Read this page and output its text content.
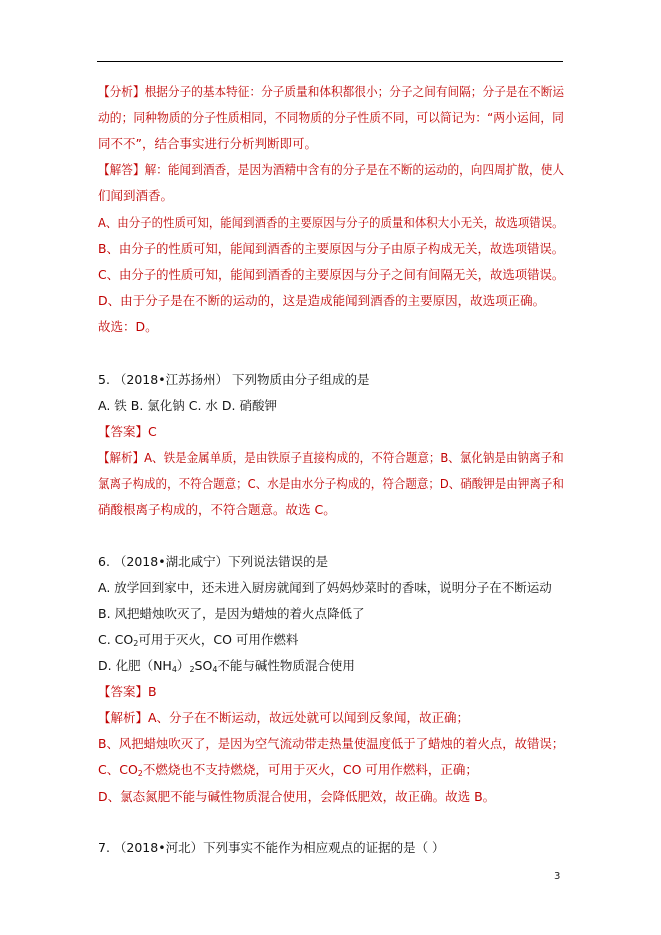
【分析】根据分子的基本特征：分子质量和体积都很小；分子之间有间隔；分子是在不断运
动的；同种物质的分子性质相同，不同物质的分子性质不同，可以简记为：“两小运间，同
同不不”，结合事实进行分析判断即可。
【解答】解：能闻到酒香，是因为酒精中含有的分子是在不断的运动的，向四周扩散，使人
们闻到酒香。
A、由分子的性质可知，能闻到酒香的主要原因与分子的质量和体积大小无关，故选项错误。
B、由分子的性质可知，能闻到酒香的主要原因与分子由原子构成无关，故选项错误。
C、由分子的性质可知，能闻到酒香的主要原因与分子之间有间隔无关，故选项错误。
D、由于分子是在不断的运动的，这是造成能闻到酒香的主要原因，故选项正确。
故选：D。
5. （2018•江苏扬州） 下列物质由分子组成的是
A. 铁 B. 氯化钠 C. 水 D. 硝酸钾
【答案】C
【解析】A、铁是金属单质，是由铁原子直接构成的，不符合题意；B、氯化钠是由钠离子和
氯离子构成的，不符合题意；C、水是由水分子构成的，符合题意；D、硝酸钾是由钾离子和
硝酸根离子构成的，不符合题意。故选 C。
6. （2018•湖北咸宁）下列说法错误的是
A. 放学回到家中，还未进入厨房就闻到了妈妈炒菜时的香味，说明分子在不断运动
B. 风把蜡烛吹灭了，是因为蜡烛的着火点降低了
C. $CO_2$可用于灭火，CO 可用作燃料
D. 化肥$(NH_4)_2SO_4$不能与碱性物质混合使用
【答案】B
【解析】A、分子在不断运动，故远处就可以闻到反象闻，故正确；
B、风把蜡烛吹灭了，是因为空气流动带走热量使温度低于了蜡烛的着火点，故错误；
C、$CO_2$不燃烧也不支持燃烧，可用于灭火，CO 可用作燃料，正确；
D、氯态氮肥不能与碱性物质混合使用，会降低肥效，故正确。故选 B。
7. （2018•河北）下列事实不能作为相应观点的证据的是（ ）
3
